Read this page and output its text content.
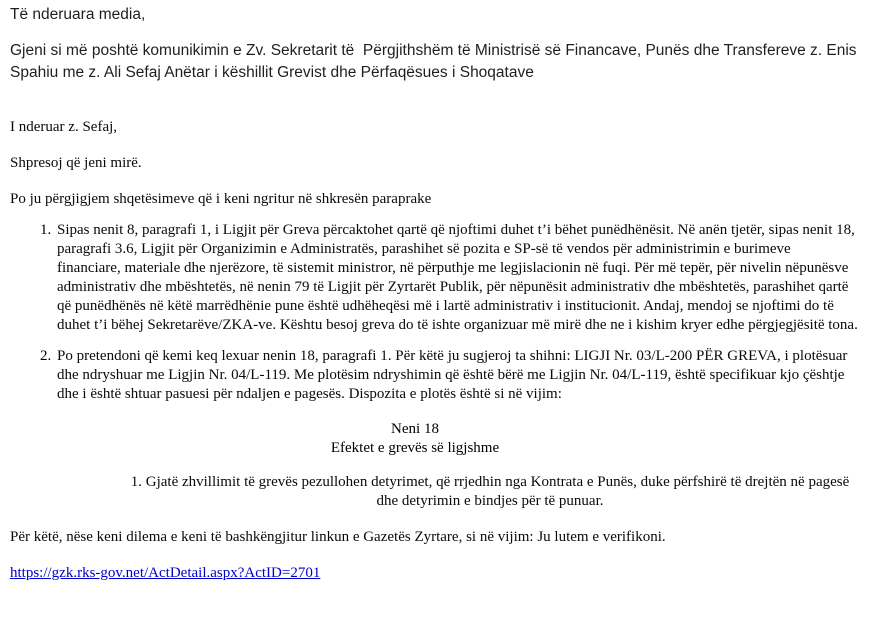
Të nderuara media,

Gjeni si më poshtë komunikimin e Zv. Sekretarit të  Përgjithshëm të Ministrisë së Financave, Punës dhe Transfereve z. Enis Spahiu me z. Ali Sefaj Anëtar i këshillit Grevist dhe Përfaqësues i Shoqatave

I nderuar z. Sefaj,

Shpresoj që jeni mirë.

Po ju përgjigjem shqetësimeve që i keni ngritur në shkresën paraprake

1. Sipas nenit 8, paragrafi 1, i Ligjit për Greva përcaktohet qartë që njoftimi duhet t’i bëhet punëdhënësit. Në anën tjetër, sipas nenit 18, paragrafi 3.6, Ligjit për Organizimin e Administratës, parashihet së pozita e SP-së të vendos për administrimin e burimeve financiare, materiale dhe njerëzore, të sistemit ministror, në përputhje me legjislacionin në fuqi. Për më tepër, për nivelin nëpunësve administrativ dhe mbështetës, në nenin 79 të Ligjit për Zyrtarët Publik, për nëpunësit administrativ dhe mbështetës, parashihet qartë që punëdhënës në këtë marrëdhënie pune është udhëheqësi më i lartë administrativ i institucionit. Andaj, mendoj se njoftimi do të duhet t’i bëhej Sekretarëve/ZKA-ve. Kështu besoj greva do të ishte organizuar më mirë dhe ne i kishim kryer edhe përgjegjësitë tona.
2. Po pretendoni që kemi keq lexuar nenin 18, paragrafi 1. Për këtë ju sugjeroj ta shihni: LIGJI Nr. 03/L-200 PËR GREVA, i plotësuar dhe ndryshuar me Ligjin Nr. 04/L-119. Me plotësim ndryshimin që është bërë me Ligjin Nr. 04/L-119, është specifikuar kjo çështje dhe i është shtuar pasuesi për ndaljen e pagesës. Dispozita e plotës është si në vijim:

Neni 18

Efektet e grevës së ligjshme

1. Gjatë zhvillimit të grevës pezullohen detyrimet, që rrjedhin nga Kontrata e Punës, duke përfshirë të drejtën në pagesë dhe detyrimin e bindjes për të punuar.

Për këtë, nëse keni dilema e keni të bashkëngjitur linkun e Gazetës Zyrtare, si në vijim: Ju lutem e verifikoni.

https://gzk.rks-gov.net/ActDetail.aspx?ActID=2701
